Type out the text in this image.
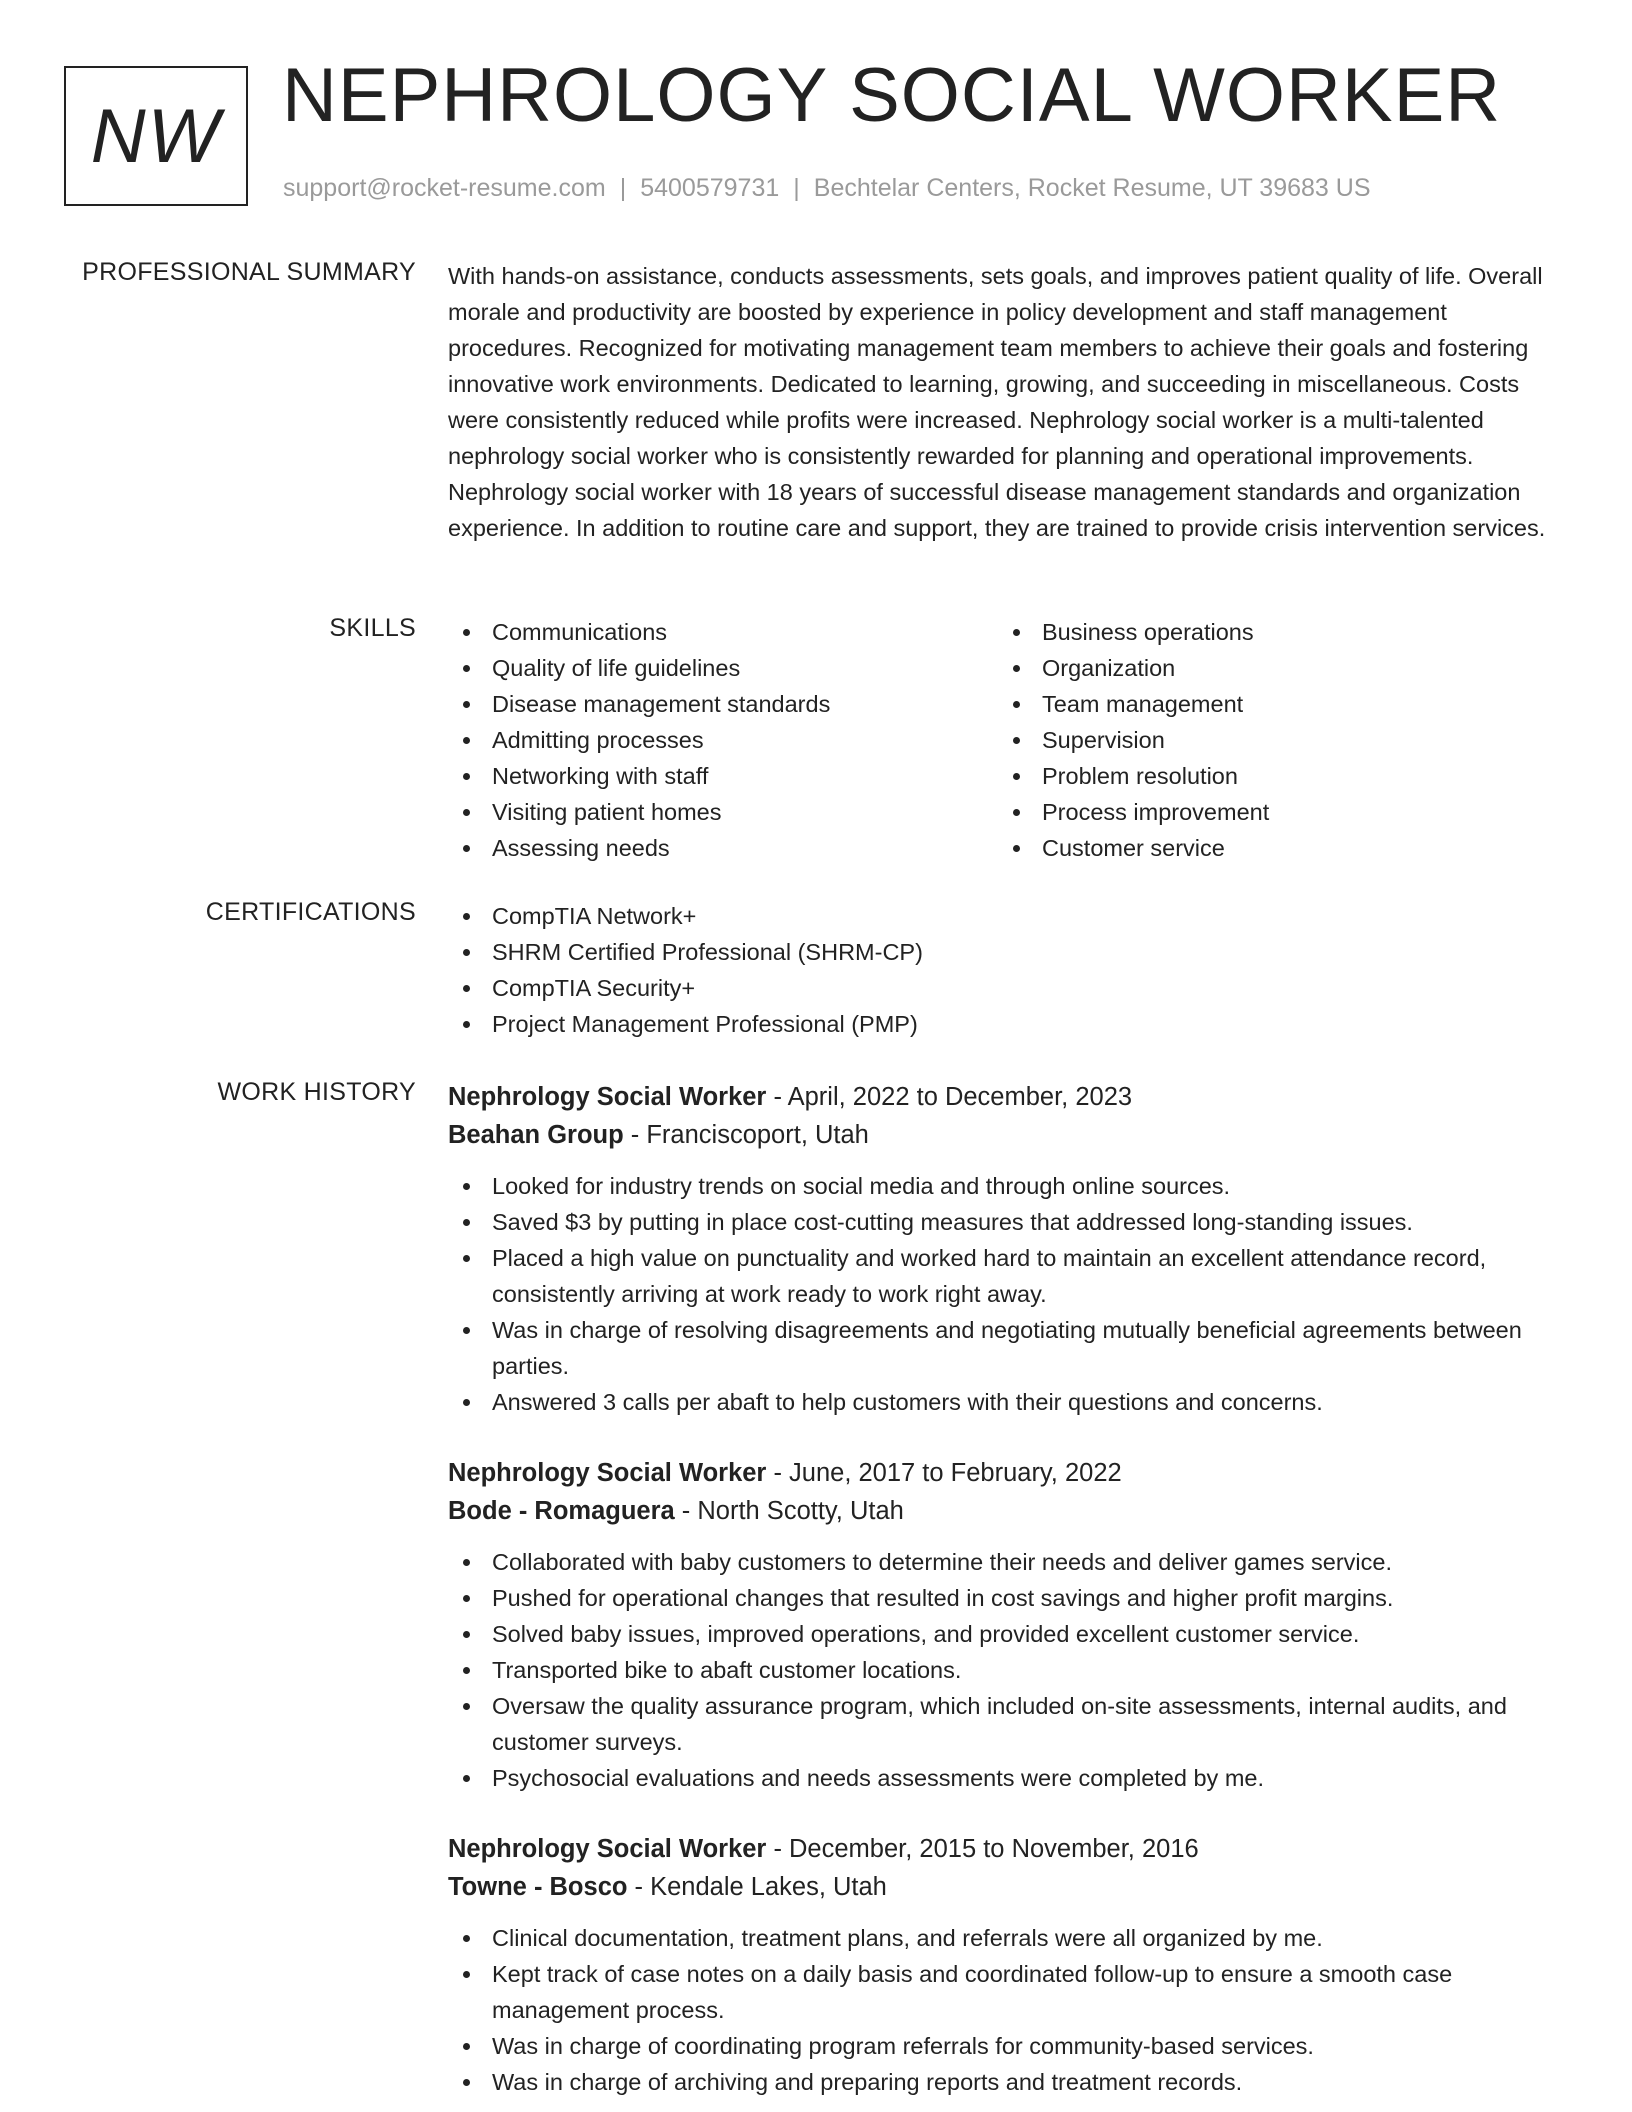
NW NEPHROLOGY SOCIAL WORKER
support@rocket-resume.com | 5400579731 | Bechtelar Centers, Rocket Resume, UT 39683 US
PROFESSIONAL SUMMARY With hands-on assistance, conducts assessments, sets goals, and improves patient quality of life. Overall morale and productivity are boosted by experience in policy development and staff management procedures. Recognized for motivating management team members to achieve their goals and fostering innovative work environments. Dedicated to learning, growing, and succeeding in miscellaneous. Costs were consistently reduced while profits were increased. Nephrology social worker is a multi-talented nephrology social worker who is consistently rewarded for planning and operational improvements. Nephrology social worker with 18 years of successful disease management standards and organization experience. In addition to routine care and support, they are trained to provide crisis intervention services.

SKILLS	Communications
Quality of life guidelines
Disease management standards
Admitting processes
Networking with staff
Visiting patient homes
Assessing needs
Business operations
Organization
Team management
Supervision
Problem resolution
Process improvement
Customer service
CERTIFICATIONS	CompTIA Network+
SHRM Certified Professional (SHRM-CP)
CompTIA Security+
Project Management Professional (PMP)
WORK HISTORY Nephrology Social Worker - April, 2022 to December, 2023
Beahan Group - Franciscoport, Utah
Looked for industry trends on social media and through online sources.
Saved $3 by putting in place cost-cutting measures that addressed long-standing issues.
Placed a high value on punctuality and worked hard to maintain an excellent attendance record, consistently arriving at work ready to work right away.
Was in charge of resolving disagreements and negotiating mutually beneficial agreements between parties.
Answered 3 calls per abaft to help customers with their questions and concerns.
Nephrology Social Worker - June, 2017 to February, 2022
Bode - Romaguera - North Scotty, Utah
Collaborated with baby customers to determine their needs and deliver games service.
Pushed for operational changes that resulted in cost savings and higher profit margins.
Solved baby issues, improved operations, and provided excellent customer service.
Transported bike to abaft customer locations.
Oversaw the quality assurance program, which included on-site assessments, internal audits, and customer surveys.
Psychosocial evaluations and needs assessments were completed by me.
Nephrology Social Worker - December, 2015 to November, 2016
Towne - Bosco - Kendale Lakes, Utah
Clinical documentation, treatment plans, and referrals were all organized by me.
Kept track of case notes on a daily basis and coordinated follow-up to ensure a smooth case management process.
Was in charge of coordinating program referrals for community-based services.
Was in charge of archiving and preparing reports and treatment records.
